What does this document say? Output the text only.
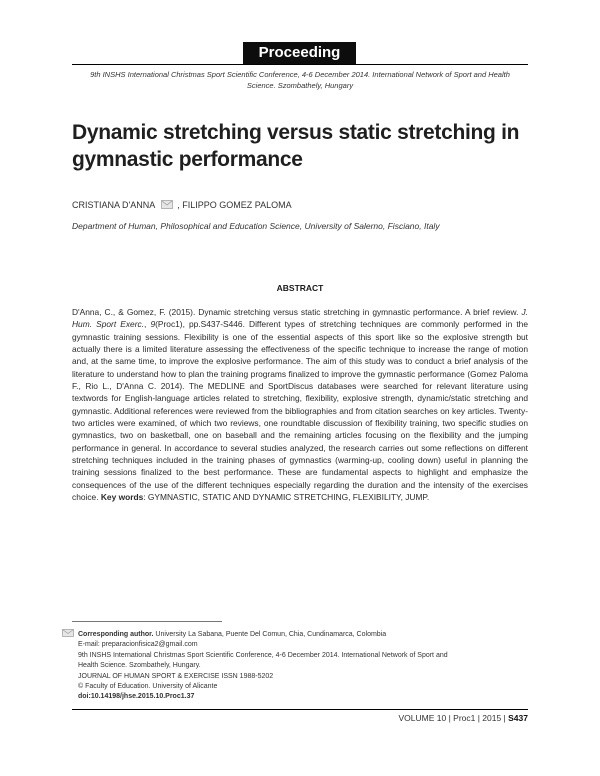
Proceeding
9th INSHS International Christmas Sport Scientific Conference, 4-6 December 2014. International Network of Sport and Health
Science. Szombathely, Hungary
Dynamic stretching versus static stretching in
gymnastic performance
CRISTIANA D'ANNA	, FILIPPO GOMEZ PALOMA
Department of Human, Philosophical and Education Science, University of Salerno, Fisciano, Italy
ABSTRACT

D'Anna, C., & Gomez, F. (2015). Dynamic stretching versus static stretching in gymnastic performance. A brief review. J. Hum. Sport Exerc., 9(Proc1), pp.S437-S446. Different types of stretching techniques are commonly performed in the gymnastic training sessions. Flexibility is one of the essential aspects of this sport like so the explosive strength but actually there is a limited literature assessing the effectiveness of the specific technique to increase the range of motion and, at the same time, to improve the explosive performance. The aim of this study was to conduct a brief analysis of the literature to understand how to plan the training programs finalized to improve the gymnastic performance (Gomez Paloma F., Rio L., D'Anna C. 2014). The MEDLINE and SportDiscus databases were searched for relevant literature using textwords for English-language articles related to stretching, flexibility, explosive strength, dynamic/static stretching and gymnastic. Additional references were reviewed from the bibliographies and from citation searches on key articles. Twenty-two articles were examined, of which two reviews, one roundtable discussion of flexibility training, two specific studies on gymnastics, two on basketball, one on baseball and the remaining articles focusing on the flexibility and the jumping performance in general. In accordance to several studies analyzed, the research carries out some reflections on different stretching techniques included in the training phases of gymnastics (warming-up, cooling down) useful in planning the training sessions finalized to the best performance. These are fundamental aspects to highlight and emphasize the consequences of the use of the different techniques especially regarding the duration and the intensity of the exercises choice. Key words: GYMNASTIC, STATIC AND DYNAMIC STRETCHING, FLEXIBILITY, JUMP.

Corresponding author. University La Sabana, Puente Del Comun, Chia, Cundinamarca, Colombia
E-mail: preparacionfisica2@gmail.com
9th INSHS International Christmas Sport Scientific Conference, 4-6 December 2014. International Network of Sport and
Health Science. Szombathely, Hungary.
JOURNAL OF HUMAN SPORT & EXERCISE ISSN 1988-5202
© Faculty of Education. University of Alicante
doi:10.14198/jhse.2015.10.Proc1.37
VOLUME 10 | Proc1 | 2015 | S437
